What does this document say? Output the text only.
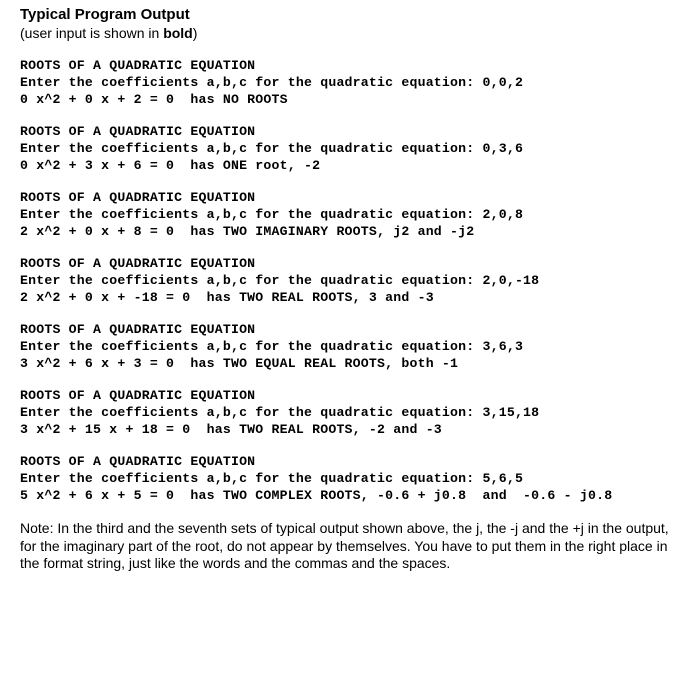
Typical Program Output
(user input is shown in bold)
ROOTS OF A QUADRATIC EQUATION
Enter the coefficients a,b,c for the quadratic equation: 0,0,2
0 x^2 + 0 x + 2 = 0  has NO ROOTS
ROOTS OF A QUADRATIC EQUATION
Enter the coefficients a,b,c for the quadratic equation: 0,3,6
0 x^2 + 3 x + 6 = 0  has ONE root, -2
ROOTS OF A QUADRATIC EQUATION
Enter the coefficients a,b,c for the quadratic equation: 2,0,8
2 x^2 + 0 x + 8 = 0  has TWO IMAGINARY ROOTS, j2 and -j2
ROOTS OF A QUADRATIC EQUATION
Enter the coefficients a,b,c for the quadratic equation: 2,0,-18
2 x^2 + 0 x + -18 = 0  has TWO REAL ROOTS, 3 and -3
ROOTS OF A QUADRATIC EQUATION
Enter the coefficients a,b,c for the quadratic equation: 3,6,3
3 x^2 + 6 x + 3 = 0  has TWO EQUAL REAL ROOTS, both -1
ROOTS OF A QUADRATIC EQUATION
Enter the coefficients a,b,c for the quadratic equation: 3,15,18
3 x^2 + 15 x + 18 = 0  has TWO REAL ROOTS, -2 and -3
ROOTS OF A QUADRATIC EQUATION
Enter the coefficients a,b,c for the quadratic equation: 5,6,5
5 x^2 + 6 x + 5 = 0  has TWO COMPLEX ROOTS, -0.6 + j0.8  and  -0.6 - j0.8
Note: In the third and the seventh sets of typical output shown above, the j, the -j and the +j in the output, for the imaginary part of the root, do not appear by themselves. You have to put them in the right place in the format string, just like the words and the commas and the spaces.
